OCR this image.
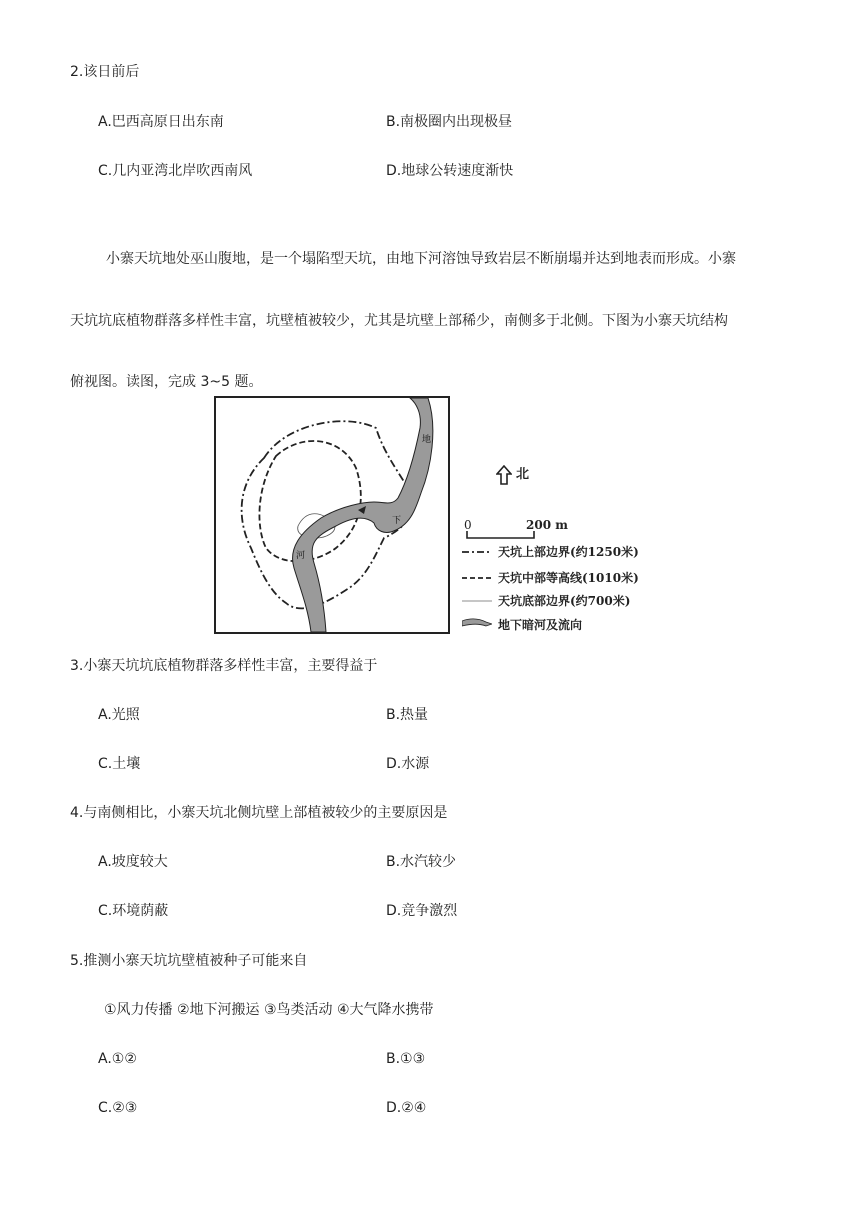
2.该日前后
A.巴西高原日出东南	B.南极圈内出现极昼
C.几内亚湾北岸吹西南风	D.地球公转速度渐快
小寨天坑地处巫山腹地，是一个塌陷型天坑，由地下河溶蚀导致岩层不断崩塌并达到地表而形成。小寨
天坑坑底植物群落多样性丰富，坑壁植被较少，尤其是坑壁上部稀少，南侧多于北侧。下图为小寨天坑结构
俯视图。读图，完成 3~5 题。
地
下
河
北
0	200 m
天坑上部边界(约1250米)
天坑中部等高线(1010米)
天坑底部边界(约700米)
地下暗河及流向
3.小寨天坑坑底植物群落多样性丰富，主要得益于
A.光照	B.热量
C.土壤	D.水源
4.与南侧相比，小寨天坑北侧坑壁上部植被较少的主要原因是
A.坡度较大	B.水汽较少
C.环境荫蔽	D.竞争激烈
5.推测小寨天坑坑壁植被种子可能来自
①风力传播 ②地下河搬运 ③鸟类活动 ④大气降水携带
A.①②	B.①③
C.②③	D.②④
